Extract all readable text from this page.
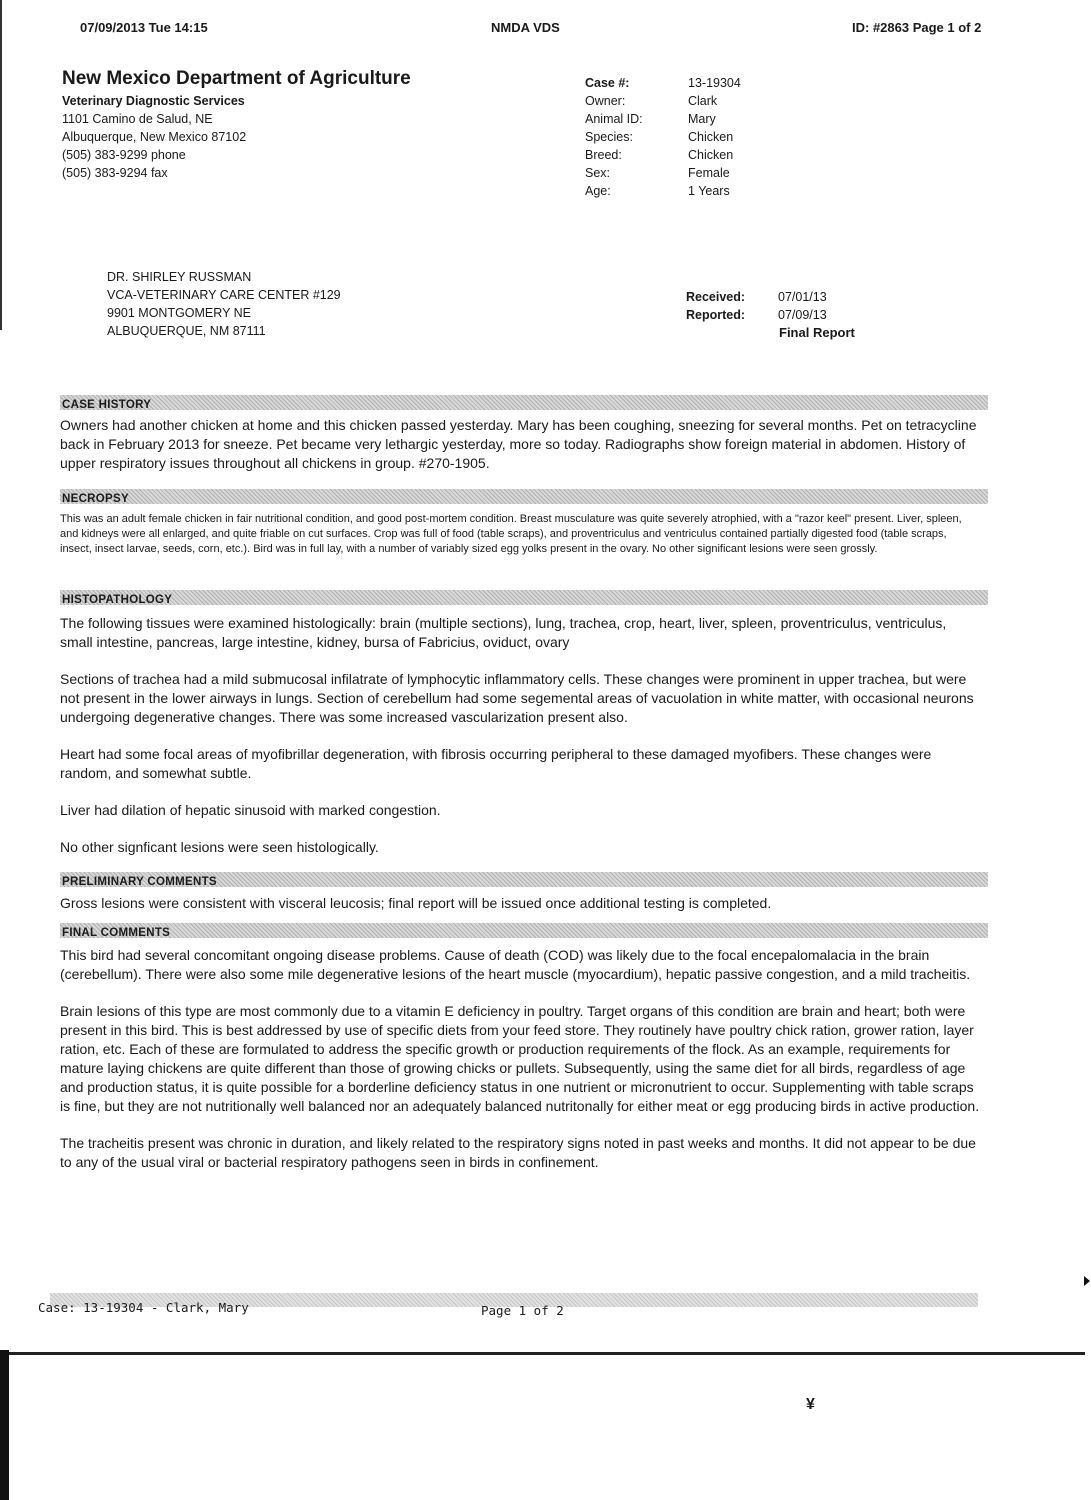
07/09/2013 Tue 14:15	NMDA VDS	ID: #2863 Page 1 of 2
New Mexico Department of Agriculture
Veterinary Diagnostic Services
1101 Camino de Salud, NE
Albuquerque, New Mexico 87102
(505) 383-9299 phone
(505) 383-9294 fax
Case #:	13-19304
Owner:	Clark
Animal ID:	Mary
Species:	Chicken
Breed:	Chicken
Sex:	Female
Age:	1 Years
DR. SHIRLEY RUSSMAN
VCA-VETERINARY CARE CENTER #129
9901 MONTGOMERY NE
ALBUQUERQUE, NM 87111
Received:	07/01/13
Reported:	07/09/13
Final Report
CASE HISTORY
Owners had another chicken at home and this chicken passed yesterday. Mary has been coughing, sneezing for several months. Pet on tetracycline back in February 2013 for sneeze. Pet became very lethargic yesterday, more so today. Radiographs show foreign material in abdomen. History of upper respiratory issues throughout all chickens in group. #270-1905.
NECROPSY
This was an adult female chicken in fair nutritional condition, and good post-mortem condition. Breast musculature was quite severely atrophied, with a "razor keel" present. Liver, spleen, and kidneys were all enlarged, and quite friable on cut surfaces. Crop was full of food (table scraps), and proventriculus and ventriculus contained partially digested food (table scraps, insect, insect larvae, seeds, corn, etc.). Bird was in full lay, with a number of variably sized egg yolks present in the ovary. No other significant lesions were seen grossly.
HISTOPATHOLOGY

The following tissues were examined histologically: brain (multiple sections), lung, trachea, crop, heart, liver, spleen, proventriculus, ventriculus, small intestine, pancreas, large intestine, kidney, bursa of Fabricius, oviduct, ovary

Sections of trachea had a mild submucosal infilatrate of lymphocytic inflammatory cells. These changes were prominent in upper trachea, but were not present in the lower airways in lungs. Section of cerebellum had some segemental areas of vacuolation in white matter, with occasional neurons undergoing degenerative changes. There was some increased vascularization present also.

Heart had some focal areas of myofibrillar degeneration, with fibrosis occurring peripheral to these damaged myofibers. These changes were random, and somewhat subtle.

Liver had dilation of hepatic sinusoid with marked congestion.

No other signficant lesions were seen histologically.

PRELIMINARY COMMENTS
Gross lesions were consistent with visceral leucosis; final report will be issued once additional testing is completed.
FINAL COMMENTS

This bird had several concomitant ongoing disease problems. Cause of death (COD) was likely due to the focal encepalomalacia in the brain (cerebellum). There were also some mile degenerative lesions of the heart muscle (myocardium), hepatic passive congestion, and a mild tracheitis.

Brain lesions of this type are most commonly due to a vitamin E deficiency in poultry. Target organs of this condition are brain and heart; both were present in this bird. This is best addressed by use of specific diets from your feed store. They routinely have poultry chick ration, grower ration, layer ration, etc. Each of these are formulated to address the specific growth or production requirements of the flock. As an example, requirements for mature laying chickens are quite different than those of growing chicks or pullets. Subsequently, using the same diet for all birds, regardless of age and production status, it is quite possible for a borderline deficiency status in one nutrient or micronutrient to occur. Supplementing with table scraps is fine, but they are not nutritionally well balanced nor an adequately balanced nutritonally for either meat or egg producing birds in active production.

The tracheitis present was chronic in duration, and likely related to the respiratory signs noted in past weeks and months. It did not appear to be due to any of the usual viral or bacterial respiratory pathogens seen in birds in confinement.

Case: 13-19304 - Clark, Mary	Page 1 of 2
¥
